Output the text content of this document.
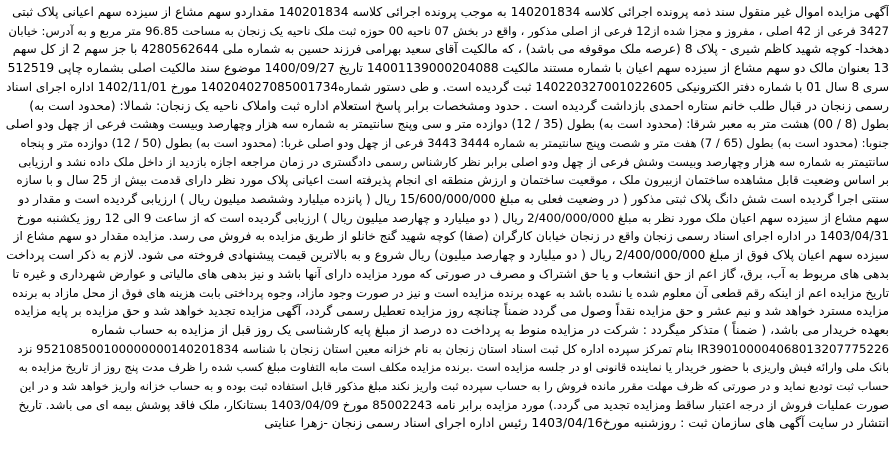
آگهی مزایده اموال غیر منقول سند ذمه پرونده اجرائی کلاسه 140201834 به موجب پرونده اجرائی کلاسه 140201834 مقداردو سهم مشاع از سیزده سهم اعیانی پلاک ثبتی
3427 فرعی از 42 اصلی ، مفروز و مجزا شده از12 فرعی از اصلی مذکور ، واقع در بخش 07 ناحیه 00 حوزه ثبت ملک ناحیه یک زنجان به مساحت 96.85 متر مربع و به آدرس: خیابان
دهخدا- کوچه شهید کاظم شیری - پلاک 8 (عرصه ملک موقوفه می باشد) ، که مالکیت آقای سعید بهرامی فرزند حسین به شماره ملی 4280562644 با جز سهم 2 از کل سهم
13 بعنوان مالک دو سهم مشاع از سیزده سهم اعیان با شماره مستند مالکیت 14001139000204088 تاریخ 1400/09/27 موضوع سند مالکیت اصلی بشماره چاپی 512519
سری 8 سال 01 با شماره دفتر الکترونیکی 140220327001022605 ثبت گردیده است. و طی دستور شماره140204027085001734 مورخ 1402/11/01 اداره اجرای اسناد
رسمی زنجان در قبال طلب خانم ستاره احمدی بازداشت گردیده است . حدود ومشخصات برابر پاسخ استعلام اداره ثبت واملاک ناحیه یک زنجان: شمالا: (محدود است به)
بطول (8 / 00) هشت متر به معبر شرقا: (محدود است به) بطول (35 / 12) دوازده متر و سی وپنج سانتیمتر به شماره سه هزار وچهارصد وبیست وهشت فرعی از چهل ودو اصلی
جنوبا: (محدود است به) بطول (65 / 7) هفت متر و شصت وپنج سانتیمتر به شماره 3444 3443 فرعی از چهل ودو اصلی غربا: (محدود است به) بطول (50 / 12) دوازده متر و پنجاه
سانتیمتر به شماره سه هزار وچهارصد وبیست وشش فرعی از چهل ودو اصلی برابر نظر کارشناس رسمی دادگستری در زمان مراجعه اجازه بازدید از داخل ملک داده نشد و ارزیابی
بر اساس وضعیت قابل مشاهده ساختمان ازبیرون ملک ، موقعیت ساختمان و ارزش منطقه ای انجام پذیرفته است اعیانی پلاک مورد نظر دارای قدمت بیش از 25 سال و با سازه
سنتی اجرا گردیده است شش دانگ پلاک ثبتی مذکور ( در وضعیت فعلی به مبلغ 15/600/000/000 ریال ( پانزده میلیارد وششصد میلیون ریال ) ارزیابی گردیده است و مقدار دو
سهم مشاع از سیزده سهم اعیان ملک مورد نظر به مبلغ 2/400/000/000 ریال ( دو میلیارد و چهارصد میلیون ریال ) ارزیابی گردیده است که از ساعت 9 الی 12 روز یکشنبه مورخ
1403/04/31 در اداره اجرای اسناد رسمی زنجان واقع در زنجان خیابان کارگران (صفا) کوچه شهید گنج خانلو از طریق مزایده به فروش می رسد. مزایده مقدار دو سهم مشاع از
سیزده سهم اعیان پلاک فوق از مبلغ 2/400/000/000 ریال ( دو میلیارد و چهارصد میلیون) ریال شروع و به بالاترین قیمت پیشنهادی فروخته می شود. لازم به ذکر است پرداخت
بدهی های مربوط به آب، برق، گاز اعم از حق انشعاب و یا حق اشتراک و مصرف در صورتی که مورد مزایده دارای آنها باشد و نیز بدهی های مالیاتی و عوارض شهرداری و غیره تا
تاریخ مزایده اعم از اینکه رقم قطعی آن معلوم شده یا نشده باشد به عهده برنده مزایده است و نیز در صورت وجود مازاد، وجوه پرداختی بابت هزینه های فوق از محل مازاد به برنده
مزایده مسترد خواهد شد و نیم عشر و حق مزایده نقداً وصول می گردد ضمناً چنانچه روز مزایده تعطیل رسمی گردد، آگهی مزایده تجدید خواهد شد و حق مزایده بر پایه مزایده
بعهده خریدار می باشد، ( ضمناً ) متذکر میگردد : شرکت در مزایده منوط به پرداخت ده درصد از مبلغ پایه کارشناسی یک روز قبل از مزایده به حساب شماره
IR390100004068013207775226 بنام تمرکز سپرده اداره کل ثبت اسناد استان زنجان به نام خزانه معین استان زنجان با شناسه 952108500100000000140201834 نزد
بانک ملی وارائه فیش واریزی با حضور خریدار یا نماینده قانونی او در جلسه مزایده است .برنده مزایده مکلف است مابه التفاوت مبلغ کسب شده را ظرف مدت پنج روز از تاریخ مزایده به
حساب ثبت تودیع نماید و در صورتی که ظرف مهلت مقرر مانده فروش را به حساب سپرده ثبت واریز نکند مبلغ مذکور قابل استفاده ثبت بوده و به حساب خزانه واریز خواهد شد و در این
صورت عملیات فروش از درجه اعتبار ساقط ومزایده تجدید می گردد.) مورد مزایده برابر نامه 85002243 مورخ 1403/04/09 بستانکار، ملک فاقد پوشش بیمه ای می باشد. تاریخ
انتشار در سایت آگهی های سازمان ثبت : روزشنبه مورخ1403/04/16 رئیس اداره اجرای اسناد رسمی زنجان -زهرا عنایتی
